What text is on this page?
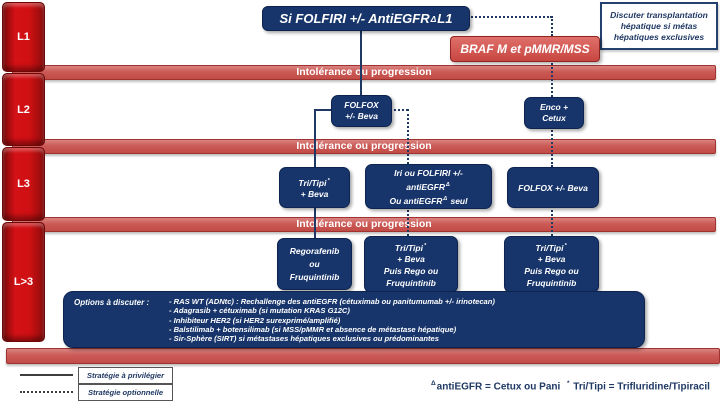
L1
L2
L3
L>3
Intolérance ou progression
Intolérance ou progression
Intolérance ou progression
Si FOLFIRI +/- AntiEGFR Δ L1	Discuter transplantation
hépatique si métas
hépatiques exclusives
BRAF M et pMMR/MSS
FOLFOX
+/- Beva
Enco +
Cetux
Tri/Tipi*
+ Beva
Iri ou FOLFIRI +/-
antiEGFR$^\Delta$
Ou antiEGFR$^\Delta$ seul
FOLFOX +/- Beva
Regorafenib
ou
Fruquintinib
Tri/Tipi*
+ Beva
Puis Rego ou
Fruquintinib
Tri/Tipi*
+ Beva
Puis Rego ou
Fruquintinib
Options à discuter :	- RAS WT (ADNtc) : Rechallenge des antiEGFR (cétuximab ou panitumumab +/- irinotecan)
- Adagrasib + cétuximab (si mutation KRAS G12C)
- Inhibiteur HER2 (si HER2 surexprimé/amplifié)
- Balstilimab + botensilimab (si MSS/pMMR et absence de métastase hépatique)
- Sir-Sphère (SIRT) si métastases hépatiques exclusives ou prédominantes
Stratégie à privilégier
Stratégie optionnelle
$^\Delta$antiEGFR = Cetux ou Pani * Tri/Tipi = Trifluridine/Tipiracil
